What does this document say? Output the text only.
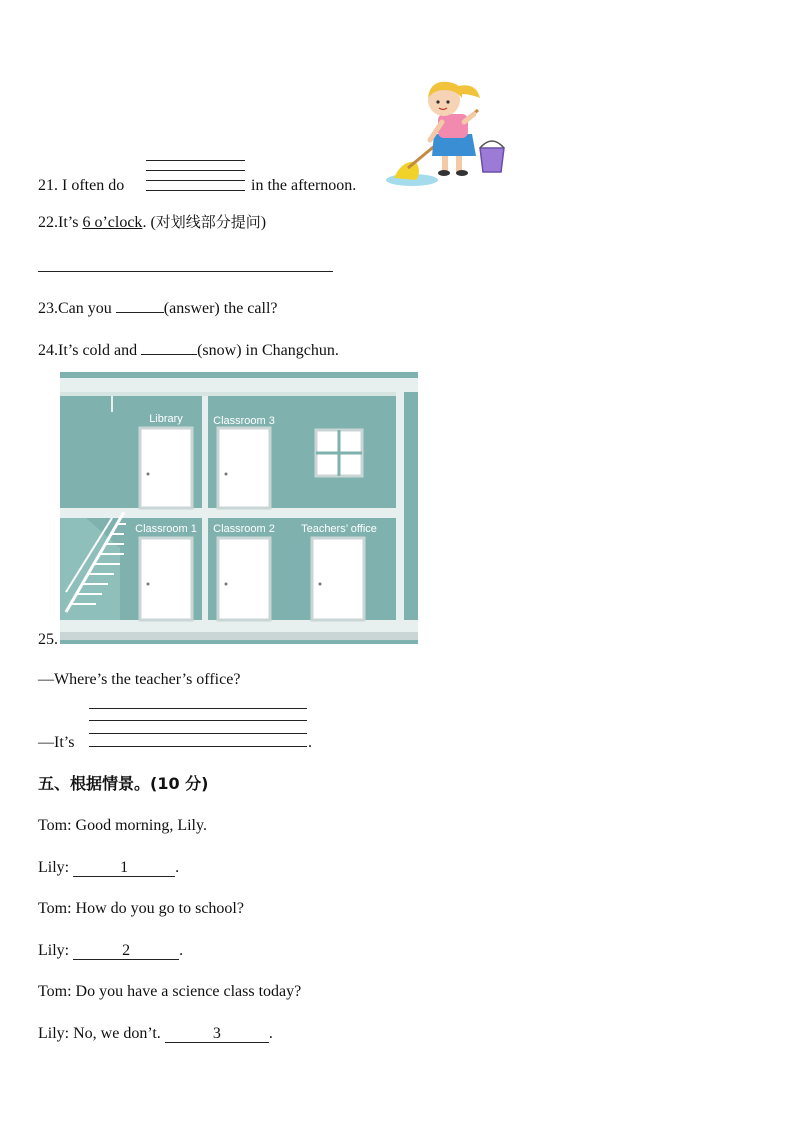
21. I often do	in the afternoon.
22.It’s 6 o’clock. (对划线部分提问)
23.Can you	(answer) the call?
24.It’s cold and	(snow) in Changchun.
Library	Classroom 3
Classroom 1 Classroom 2 Teachers’ office
25.
—Where’s the teacher’s office?
—It’s	.
五、根据情景。(10 分)
Tom: Good morning, Lily.
Lily:	1	.
Tom: How do you go to school?
Lily:	2	.
Tom: Do you have a science class today?
Lily: No, we don’t.	3	.
